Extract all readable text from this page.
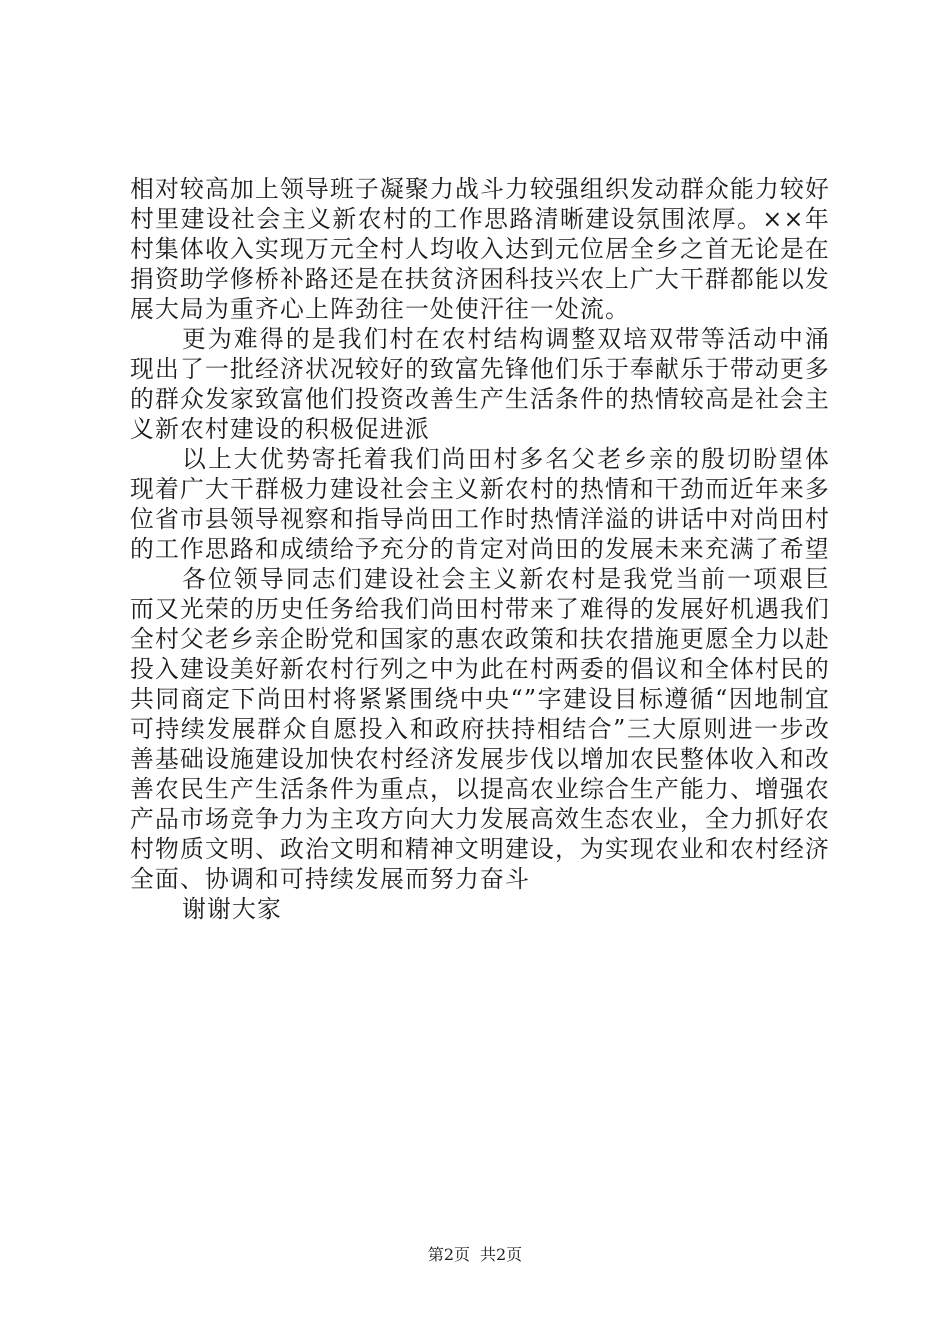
相对较高加上领导班子凝聚力战斗力较强组织发动群众能力较好村里建设社会主义新农村的工作思路清晰建设氛围浓厚。××年村集体收入实现万元全村人均收入达到元位居全乡之首无论是在捐资助学修桥补路还是在扶贫济困科技兴农上广大干群都能以发展大局为重齐心上阵劲往一处使汗往一处流。

更为难得的是我们村在农村结构调整双培双带等活动中涌现出了一批经济状况较好的致富先锋他们乐于奉献乐于带动更多的群众发家致富他们投资改善生产生活条件的热情较高是社会主义新农村建设的积极促进派

以上大优势寄托着我们尚田村多名父老乡亲的殷切盼望体现着广大干群极力建设社会主义新农村的热情和干劲而近年来多位省市县领导视察和指导尚田工作时热情洋溢的讲话中对尚田村的工作思路和成绩给予充分的肯定对尚田的发展未来充满了希望

各位领导同志们建设社会主义新农村是我党当前一项艰巨而又光荣的历史任务给我们尚田村带来了难得的发展好机遇我们全村父老乡亲企盼党和国家的惠农政策和扶农措施更愿全力以赴投入建设美好新农村行列之中为此在村两委的倡议和全体村民的共同商定下尚田村将紧紧围绕中央“”字建设目标遵循“因地制宜可持续发展群众自愿投入和政府扶持相结合”三大原则进一步改善基础设施建设加快农村经济发展步伐以增加农民整体收入和改善农民生产生活条件为重点，以提高农业综合生产能力、增强农产品市场竞争力为主攻方向大力发展高效生态农业，全力抓好农村物质文明、政治文明和精神文明建设，为实现农业和农村经济全面、协调和可持续发展而努力奋斗

谢谢大家

第2页 共2页
